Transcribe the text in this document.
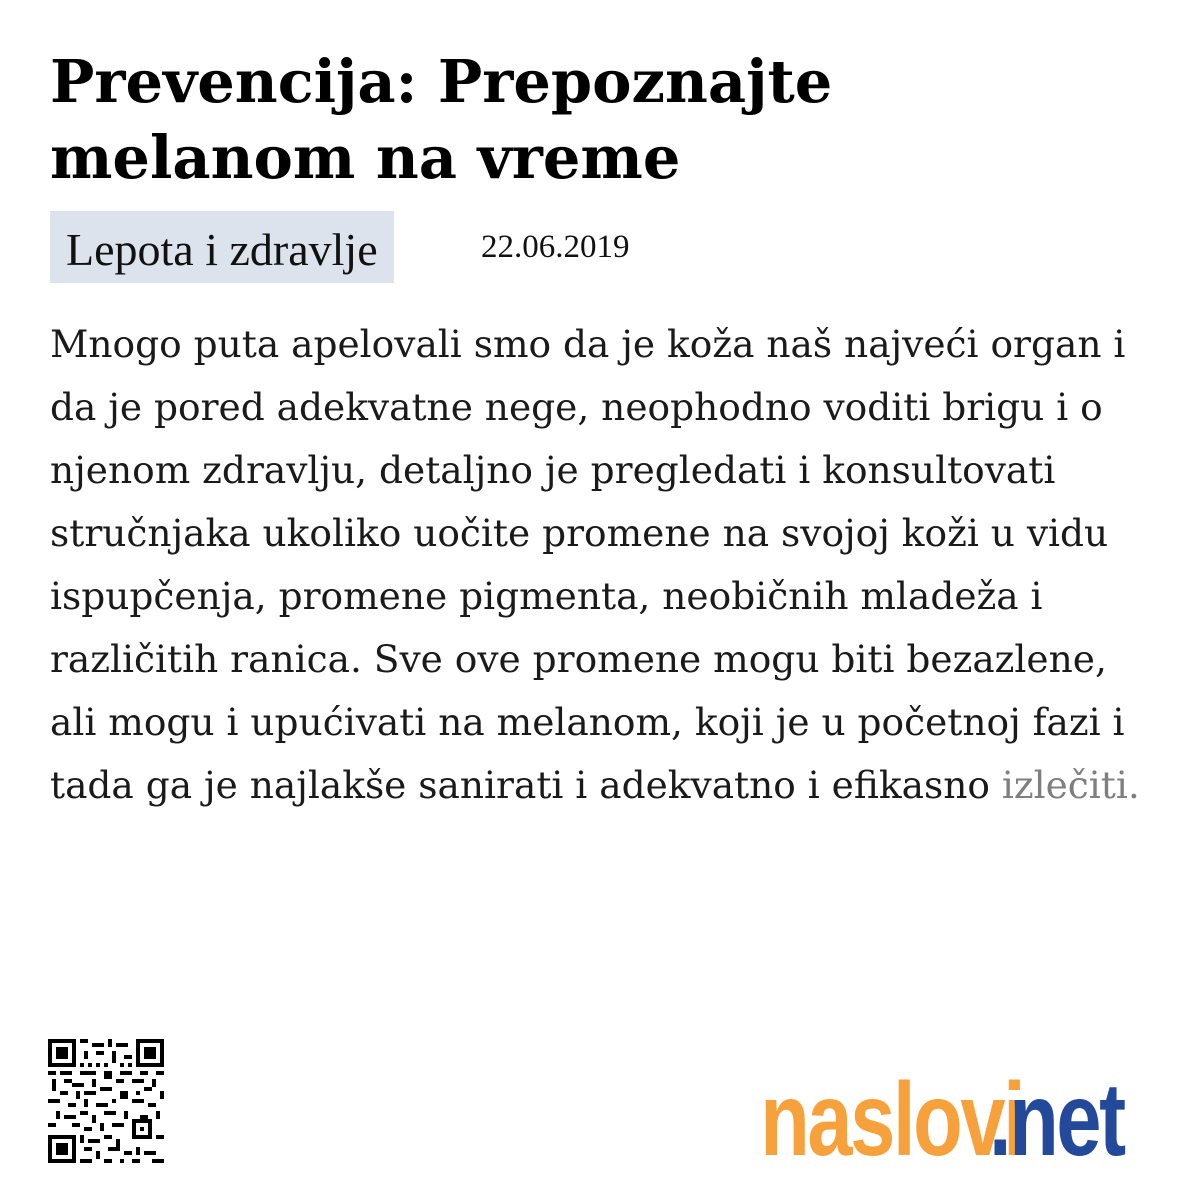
Prevencija: Prepoznajte melanom na vreme
Lepota i zdravlje	22.06.2019
Mnogo puta apelovali smo da je koža naš najveći organ i da je pored adekvatne nege, neophodno voditi brigu i o njenom zdravlju, detaljno je pregledati i konsultovati stručnjaka ukoliko uočite promene na svojoj koži u vidu ispupčenja, promene pigmenta, neobičnih mladeža i različitih ranica. Sve ove promene mogu biti bezazlene, ali mogu i upućivati na melanom, koji je u početnoj fazi i tada ga je najlakše sanirati i adekvatno i efikasno izlečiti.
naslovi
.net
